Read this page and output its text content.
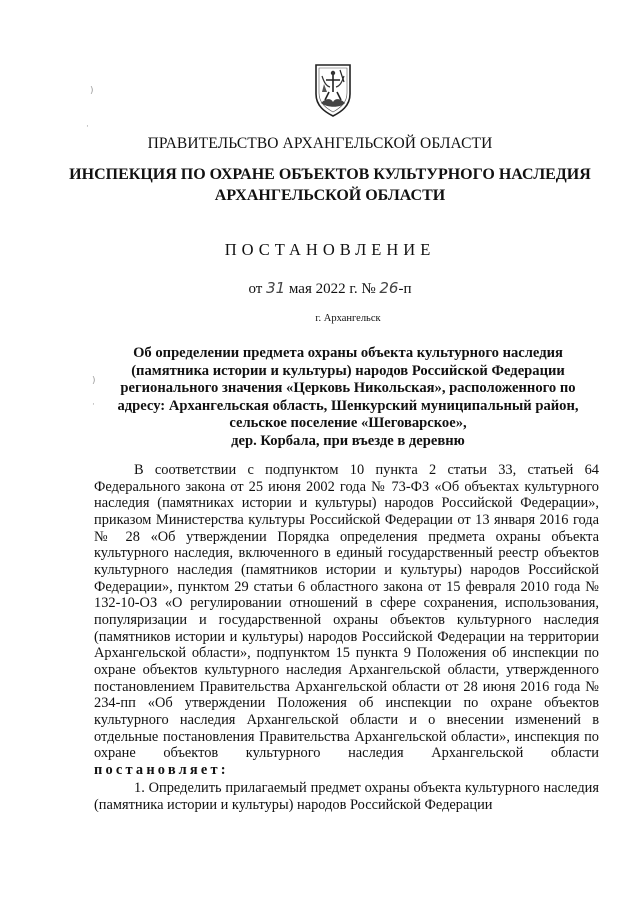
)
·
)
·
ПРАВИТЕЛЬСТВО АРХАНГЕЛЬСКОЙ ОБЛАСТИ
ИНСПЕКЦИЯ ПО ОХРАНЕ ОБЪЕКТОВ КУЛЬТУРНОГО НАСЛЕДИЯ
АРХАНГЕЛЬСКОЙ ОБЛАСТИ
ПОСТАНОВЛЕНИЕ
от 31 мая 2022 г. № 26-п
г. Архангельск
Об определении предмета охраны объекта культурного наследия
(памятника истории и культуры) народов Российской Федерации
регионального значения «Церковь Никольская», расположенного по
адресу: Архангельская область, Шенкурский муниципальный район,
сельское поселение «Шеговарское»,
дер. Корбала, при въезде в деревню

В соответствии с подпунктом 10 пункта 2 статьи 33, статьей 64 Федерального закона от 25 июня 2002 года № 73-ФЗ «Об объектах культурного наследия (памятниках истории и культуры) народов Российской Федерации», приказом Министерства культуры Российской Федерации от 13 января 2016 года № 28 «Об утверждении Порядка определения предмета охраны объекта культурного наследия, включенного в единый государственный реестр объектов культурного наследия (памятников истории и культуры) народов Российской Федерации», пунктом 29 статьи 6 областного закона от 15 февраля 2010 года № 132-10-ОЗ «О регулировании отношений в сфере сохранения, использования, популяризации и государственной охраны объектов культурного наследия (памятников истории и культуры) народов Российской Федерации на территории Архангельской области», подпунктом 15 пункта 9 Положения об инспекции по охране объектов культурного наследия Архангельской области, утвержденного постановлением Правительства Архангельской области от 28 июня 2016 года № 234-пп «Об утверждении Положения об инспекции по охране объектов культурного наследия Архангельской области и о внесении изменений в отдельные постановления Правительства Архангельской области», инспекция по охране объектов культурного наследия Архангельской области постановляет:

1. Определить прилагаемый предмет охраны объекта культурного наследия (памятника истории и культуры) народов Российской Федерации
